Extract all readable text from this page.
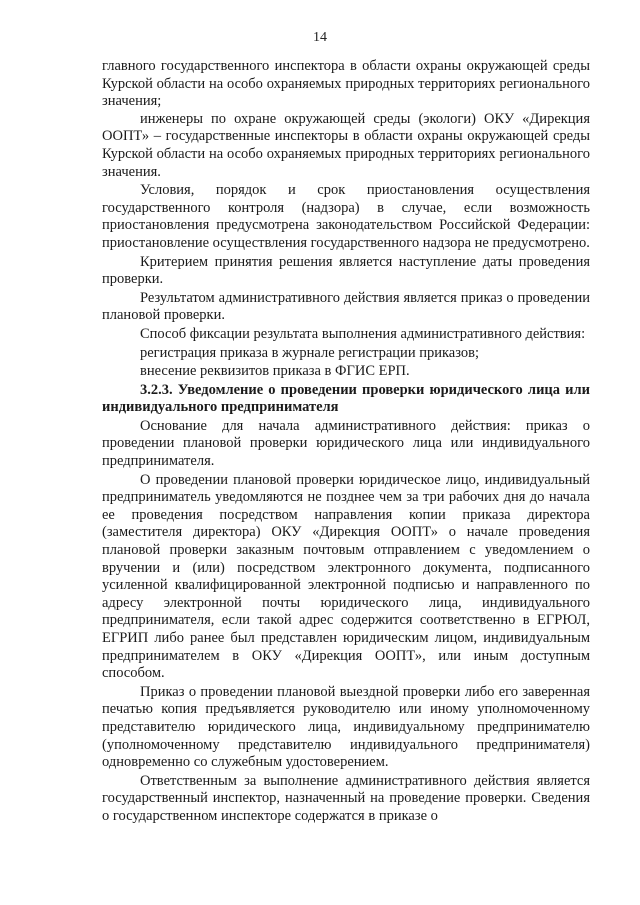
14

главного государственного инспектора в области охраны окружающей среды Курской области на особо охраняемых природных территориях регионального значения;

инженеры по охране окружающей среды (экологи) ОКУ «Дирекция ООПТ» – государственные инспекторы в области охраны окружающей среды Курской области на особо охраняемых природных территориях регионального значения.

Условия, порядок и срок приостановления осуществления государственного контроля (надзора) в случае, если возможность приостановления предусмотрена законодательством Российской Федерации: приостановление осуществления государственного надзора не предусмотрено.

Критерием принятия решения является наступление даты проведения проверки.

Результатом административного действия является приказ о проведении плановой проверки.

Способ фиксации результата выполнения административного действия:

регистрация приказа в журнале регистрации приказов;

внесение реквизитов приказа в ФГИС ЕРП.

3.2.3. Уведомление о проведении проверки юридического лица или индивидуального предпринимателя

Основание для начала административного действия: приказ о проведении плановой проверки юридического лица или индивидуального предпринимателя.

О проведении плановой проверки юридическое лицо, индивидуальный предприниматель уведомляются не позднее чем за три рабочих дня до начала ее проведения посредством направления копии приказа директора (заместителя директора) ОКУ «Дирекция ООПТ» о начале проведения плановой проверки заказным почтовым отправлением с уведомлением о вручении и (или) посредством электронного документа, подписанного усиленной квалифицированной электронной подписью и направленного по адресу электронной почты юридического лица, индивидуального предпринимателя, если такой адрес содержится соответственно в ЕГРЮЛ, ЕГРИП либо ранее был представлен юридическим лицом, индивидуальным предпринимателем в ОКУ «Дирекция ООПТ», или иным доступным способом.

Приказ о проведении плановой выездной проверки либо его заверенная печатью копия предъявляется руководителю или иному уполномоченному представителю юридического лица, индивидуальному предпринимателю (уполномоченному представителю индивидуального предпринимателя) одновременно со служебным удостоверением.

Ответственным за выполнение административного действия является государственный инспектор, назначенный на проведение проверки. Сведения о государственном инспекторе содержатся в приказе о
